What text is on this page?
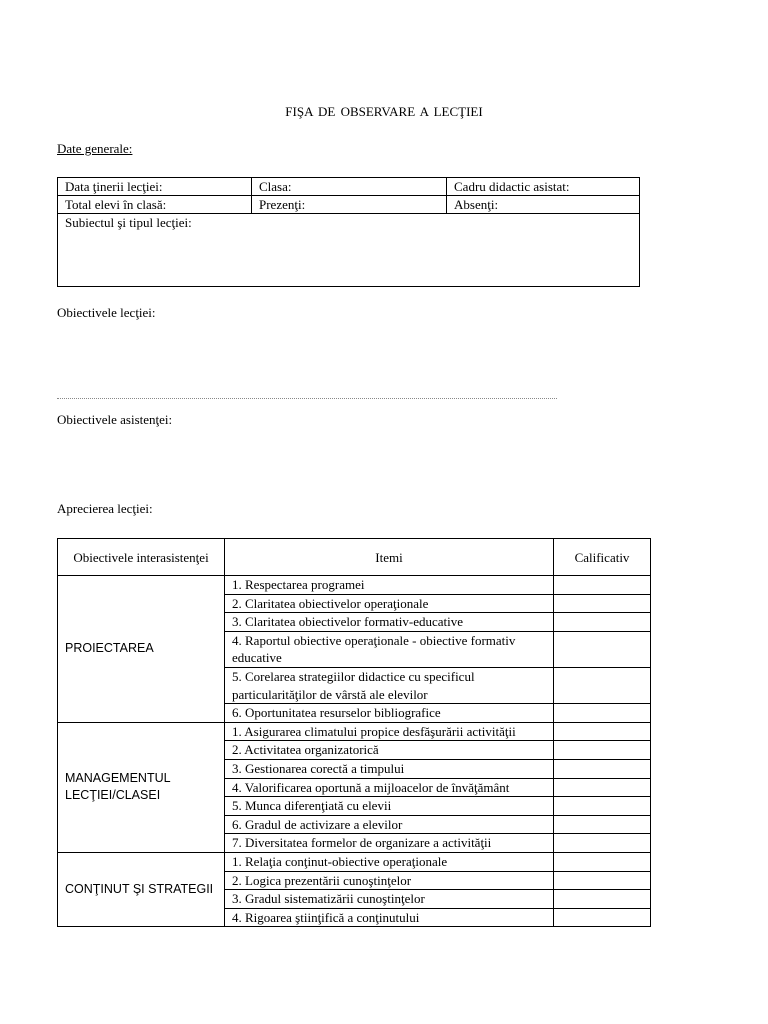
FIŞA DE OBSERVARE A LECŢIEI
Date generale:
Data ţinerii lecţiei:	Clasa:	Cadru didactic asistat:
Total elevi în clasă:	Prezenţi:	Absenţi:
Subiectul şi tipul lecţiei:		
Obiectivele lecţiei:
Obiectivele asistenţei:
Aprecierea lecţiei:
Obiectivele interasistenţei	Itemi	Calificativ
PROIECTAREA	1. Respectarea programei	
	2. Claritatea obiectivelor operaţionale	
	3. Claritatea obiectivelor formativ-educative	
	4. Raportul obiective operaţionale - obiective formativ educative	
	5. Corelarea strategiilor didactice cu specificul particularităţilor de vârstă ale elevilor	
	6. Oportunitatea resurselor bibliografice	
MANAGEMENTUL LECŢIEI/CLASEI	1. Asigurarea climatului propice desfăşurării activităţii	
	2. Activitatea organizatorică	
	3. Gestionarea corectă a timpului	
	4. Valorificarea oportună a mijloacelor de învăţământ	
	5. Munca diferenţiată cu elevii	
	6. Gradul de activizare a elevilor	
	7. Diversitatea formelor de organizare a activităţii	
CONŢINUT ŞI STRATEGII	1. Relaţia conţinut-obiective operaţionale	
	2. Logica prezentării cunoştinţelor	
	3. Gradul sistematizării cunoştinţelor	
	4. Rigoarea ştiinţifică a conţinutului	
